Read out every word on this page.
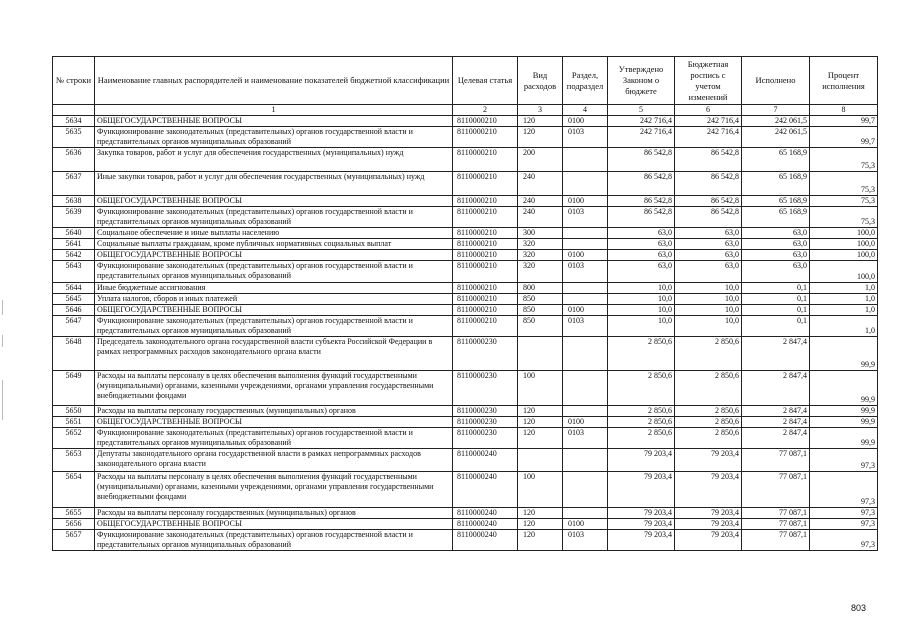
№ строки	Наименование главных распорядителей и наименование показателей бюджетной классификации	Целевая статья	Вид расходов	Раздел, подраздел	Утверждено Законом о бюджете	Бюджетная роспись с учетом изменений	Исполнено	Процент исполнения
	1	2	3	4	5	6	7	8
5634	ОБЩЕГОСУДАРСТВЕННЫЕ ВОПРОСЫ	8110000210	120	0100	242 716,4	242 716,4	242 061,5	99,7
5635	Функционирование законодательных (представительных) органов государственной власти и представительных органов муниципальных образований	8110000210	120	0103	242 716,4	242 716,4	242 061,5	99,7
5636	Закупка товаров, работ и услуг для обеспечения государственных (муниципальных) нужд	8110000210	200		86 542,8	86 542,8	65 168,9	75,3
5637	Иные закупки товаров, работ и услуг для обеспечения государственных (муниципальных) нужд	8110000210	240		86 542,8	86 542,8	65 168,9	75,3
5638	ОБЩЕГОСУДАРСТВЕННЫЕ ВОПРОСЫ	8110000210	240	0100	86 542,8	86 542,8	65 168,9	75,3
5639	Функционирование законодательных (представительных) органов государственной власти и представительных органов муниципальных образований	8110000210	240	0103	86 542,8	86 542,8	65 168,9	75,3
5640	Социальное обеспечение и иные выплаты населению	8110000210	300		63,0	63,0	63,0	100,0
5641	Социальные выплаты гражданам, кроме публичных нормативных социальных выплат	8110000210	320		63,0	63,0	63,0	100,0
5642	ОБЩЕГОСУДАРСТВЕННЫЕ ВОПРОСЫ	8110000210	320	0100	63,0	63,0	63,0	100,0
5643	Функционирование законодательных (представительных) органов государственной власти и представительных органов муниципальных образований	8110000210	320	0103	63,0	63,0	63,0	100,0
5644	Иные бюджетные ассигнования	8110000210	800		10,0	10,0	0,1	1,0
5645	Уплата налогов, сборов и иных платежей	8110000210	850		10,0	10,0	0,1	1,0
5646	ОБЩЕГОСУДАРСТВЕННЫЕ ВОПРОСЫ	8110000210	850	0100	10,0	10,0	0,1	1,0
5647	Функционирование законодательных (представительных) органов государственной власти и представительных органов муниципальных образований	8110000210	850	0103	10,0	10,0	0,1	1,0
5648	Председатель законодательного органа государственной власти субъекта Российской Федерации в рамках непрограммных расходов законодательного органа власти	8110000230			2 850,6	2 850,6	2 847,4	99,9
5649	Расходы на выплаты персоналу в целях обеспечения выполнения функций государственными (муниципальными) органами, казенными учреждениями, органами управления государственными внебюджетными фондами	8110000230	100		2 850,6	2 850,6	2 847,4	99,9
5650	Расходы на выплаты персоналу государственных (муниципальных) органов	8110000230	120		2 850,6	2 850,6	2 847,4	99,9
5651	ОБЩЕГОСУДАРСТВЕННЫЕ ВОПРОСЫ	8110000230	120	0100	2 850,6	2 850,6	2 847,4	99,9
5652	Функционирование законодательных (представительных) органов государственной власти и представительных органов муниципальных образований	8110000230	120	0103	2 850,6	2 850,6	2 847,4	99,9
5653	Депутаты законодательного органа государственной власти в рамках непрограммных расходов законодательного органа власти	8110000240			79 203,4	79 203,4	77 087,1	97,3
5654	Расходы на выплаты персоналу в целях обеспечения выполнения функций государственными (муниципальными) органами, казенными учреждениями, органами управления государственными внебюджетными фондами	8110000240	100		79 203,4	79 203,4	77 087,1	97,3
5655	Расходы на выплаты персоналу государственных (муниципальных) органов	8110000240	120		79 203,4	79 203,4	77 087,1	97,3
5656	ОБЩЕГОСУДАРСТВЕННЫЕ ВОПРОСЫ	8110000240	120	0100	79 203,4	79 203,4	77 087,1	97,3
5657	Функционирование законодательных (представительных) органов государственной власти и представительных органов муниципальных образований	8110000240	120	0103	79 203,4	79 203,4	77 087,1	97,3
803
